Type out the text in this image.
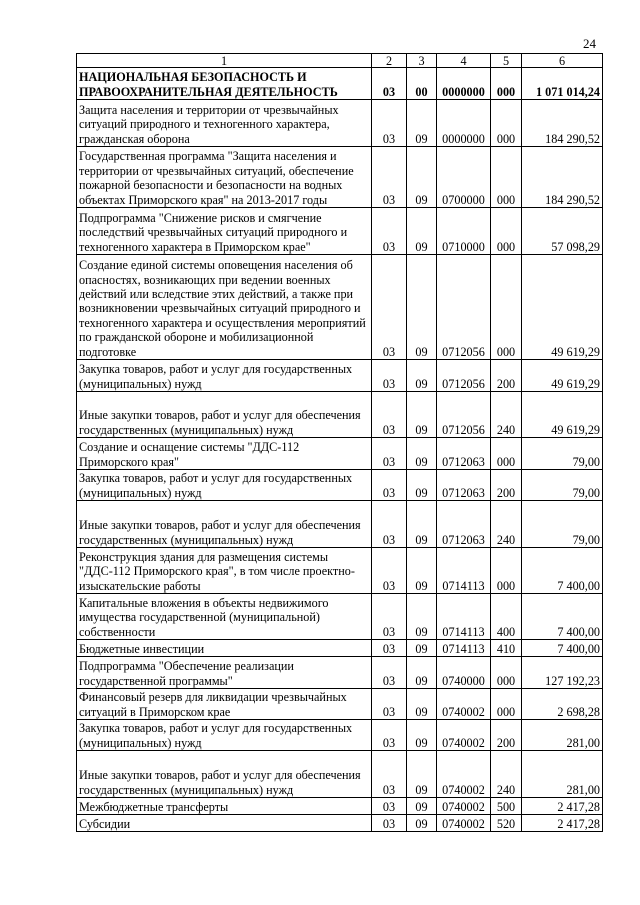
24
1	2	3	4	5	6
НАЦИОНАЛЬНАЯ БЕЗОПАСНОСТЬ И ПРАВООХРАНИТЕЛЬНАЯ ДЕЯТЕЛЬНОСТЬ	03	00	0000000	000	1 071 014,24
Защита населения и территории от чрезвычайных ситуаций природного и техногенного характера, гражданская оборона	03	09	0000000	000	184 290,52
Государственная программа "Защита населения и территории от чрезвычайных ситуаций, обеспечение пожарной безопасности и безопасности на водных объектах Приморского края" на 2013-2017 годы	03	09	0700000	000	184 290,52
Подпрограмма "Снижение рисков и смягчение последствий чрезвычайных ситуаций природного и техногенного характера в Приморском крае"	03	09	0710000	000	57 098,29
Создание единой системы оповещения населения об опасностях, возникающих при ведении военных действий или вследствие этих действий, а также при возникновении чрезвычайных ситуаций природного и техногенного характера и осуществления мероприятий по гражданской обороне и мобилизационной подготовке	03	09	0712056	000	49 619,29
Закупка товаров, работ и услуг для государственных (муниципальных) нужд	03	09	0712056	200	49 619,29
Иные закупки товаров, работ и услуг для обеспечения государственных (муниципальных) нужд	03	09	0712056	240	49 619,29
Создание и оснащение системы "ДДС-112 Приморского края"	03	09	0712063	000	79,00
Закупка товаров, работ и услуг для государственных (муниципальных) нужд	03	09	0712063	200	79,00
Иные закупки товаров, работ и услуг для обеспечения государственных (муниципальных) нужд	03	09	0712063	240	79,00
Реконструкция здания для размещения системы "ДДС-112 Приморского края", в том числе проектно-изыскательские работы	03	09	0714113	000	7 400,00
Капитальные вложения в объекты недвижимого имущества государственной (муниципальной) собственности	03	09	0714113	400	7 400,00
Бюджетные инвестиции	03	09	0714113	410	7 400,00
Подпрограмма "Обеспечение реализации государственной программы"	03	09	0740000	000	127 192,23
Финансовый резерв для ликвидации чрезвычайных ситуаций в Приморском крае	03	09	0740002	000	2 698,28
Закупка товаров, работ и услуг для государственных (муниципальных) нужд	03	09	0740002	200	281,00
Иные закупки товаров, работ и услуг для обеспечения государственных (муниципальных) нужд	03	09	0740002	240	281,00
Межбюджетные трансферты	03	09	0740002	500	2 417,28
Субсидии	03	09	0740002	520	2 417,28
